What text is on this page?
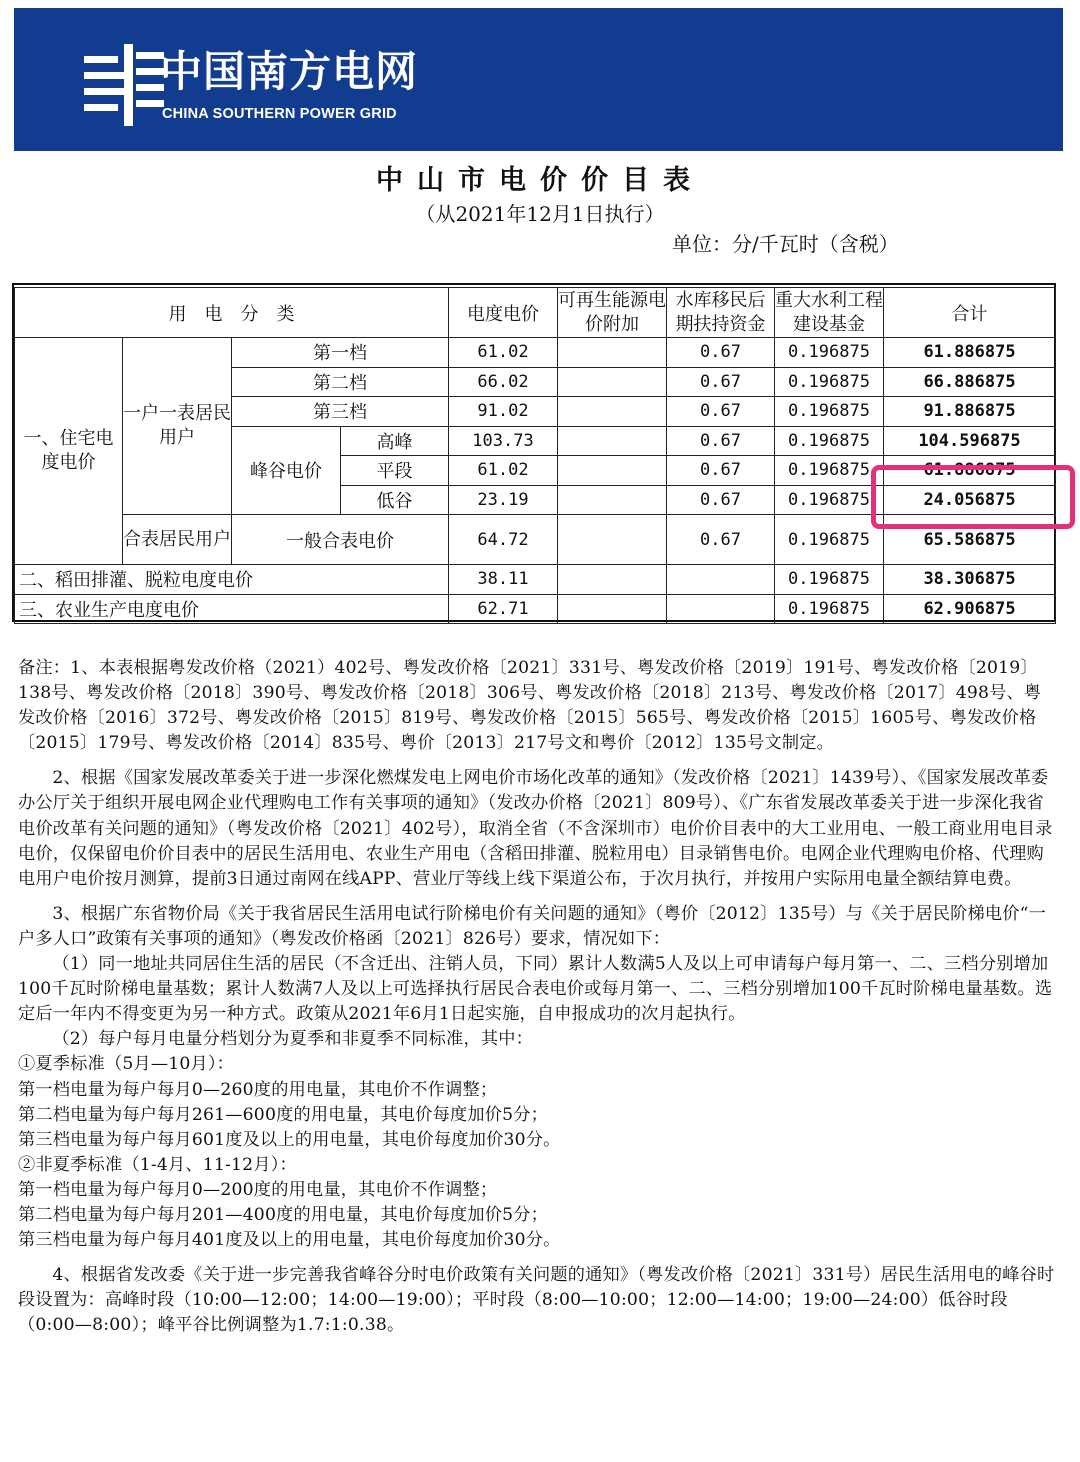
中国南方电网
CHINA SOUTHERN POWER GRID
中山市电价价目表
（从2021年12月1日执行）
单位：分/千瓦时（含税）
用　电　分　类				电度电价	可再生能源电价附加	水库移民后期扶持资金	重大水利工程建设基金	合计
一、住宅电度电价	一户一表居民用户	第一档		61.02		0.67	0.196875	61.886875
		第二档		66.02		0.67	0.196875	66.886875
		第三档		91.02		0.67	0.196875	91.886875
		峰谷电价	高峰	103.73		0.67	0.196875	104.596875
			平段	61.02		0.67	0.196875	61.886875
			低谷	23.19		0.67	0.196875	24.056875
	合表居民用户	一般合表电价		64.72		0.67	0.196875	65.586875
二、稻田排灌、脱粒电度电价				38.11			0.196875	38.306875
三、农业生产电度电价				62.71			0.196875	62.906875

备注：1、本表根据粤发改价格（2021）402号、粤发改价格〔2021〕331号、粤发改价格〔2019〕191号、粤发改价格〔2019〕138号、粤发改价格〔2018〕390号、粤发改价格〔2018〕306号、粤发改价格〔2018〕213号、粤发改价格〔2017〕498号、粤发改价格〔2016〕372号、粤发改价格〔2015〕819号、粤发改价格〔2015〕565号、粤发改价格〔2015〕1605号、粤发改价格〔2015〕179号、粤发改价格〔2014〕835号、粤价〔2013〕217号文和粤价〔2012〕135号文制定。

2、根据《国家发展改革委关于进一步深化燃煤发电上网电价市场化改革的通知》（发改价格〔2021〕1439号）、《国家发展改革委办公厅关于组织开展电网企业代理购电工作有关事项的通知》（发改办价格〔2021〕809号）、《广东省发展改革委关于进一步深化我省电价改革有关问题的通知》（粤发改价格〔2021〕402号），取消全省（不含深圳市）电价价目表中的大工业用电、一般工商业用电目录电价，仅保留电价价目表中的居民生活用电、农业生产用电（含稻田排灌、脱粒用电）目录销售电价。电网企业代理购电价格、代理购电用户电价按月测算，提前3日通过南网在线APP、营业厅等线上线下渠道公布，于次月执行，并按用户实际用电量全额结算电费。

3、根据广东省物价局《关于我省居民生活用电试行阶梯电价有关问题的通知》（粤价〔2012〕135号）与《关于居民阶梯电价“一户多人口”政策有关事项的通知》（粤发改价格函〔2021〕826号）要求，情况如下：

（1）同一地址共同居住生活的居民（不含迁出、注销人员，下同）累计人数满5人及以上可申请每户每月第一、二、三档分别增加100千瓦时阶梯电量基数；累计人数满7人及以上可选择执行居民合表电价或每月第一、二、三档分别增加100千瓦时阶梯电量基数。选定后一年内不得变更为另一种方式。政策从2021年6月1日起实施，自申报成功的次月起执行。

（2）每户每月电量分档划分为夏季和非夏季不同标准，其中：

①夏季标准（5月—10月）：

第一档电量为每户每月0—260度的用电量，其电价不作调整；

第二档电量为每户每月261—600度的用电量，其电价每度加价5分；

第三档电量为每户每月601度及以上的用电量，其电价每度加价30分。

②非夏季标准（1-4月、11-12月）：

第一档电量为每户每月0—200度的用电量，其电价不作调整；

第二档电量为每户每月201—400度的用电量，其电价每度加价5分；

第三档电量为每户每月401度及以上的用电量，其电价每度加价30分。

4、根据省发改委《关于进一步完善我省峰谷分时电价政策有关问题的通知》（粤发改价格〔2021〕331号）居民生活用电的峰谷时段设置为：高峰时段（10:00—12:00；14:00—19:00）；平时段（8:00—10:00；12:00—14:00；19:00—24:00）低谷时段（0:00—8:00）；峰平谷比例调整为1.7:1:0.38。
